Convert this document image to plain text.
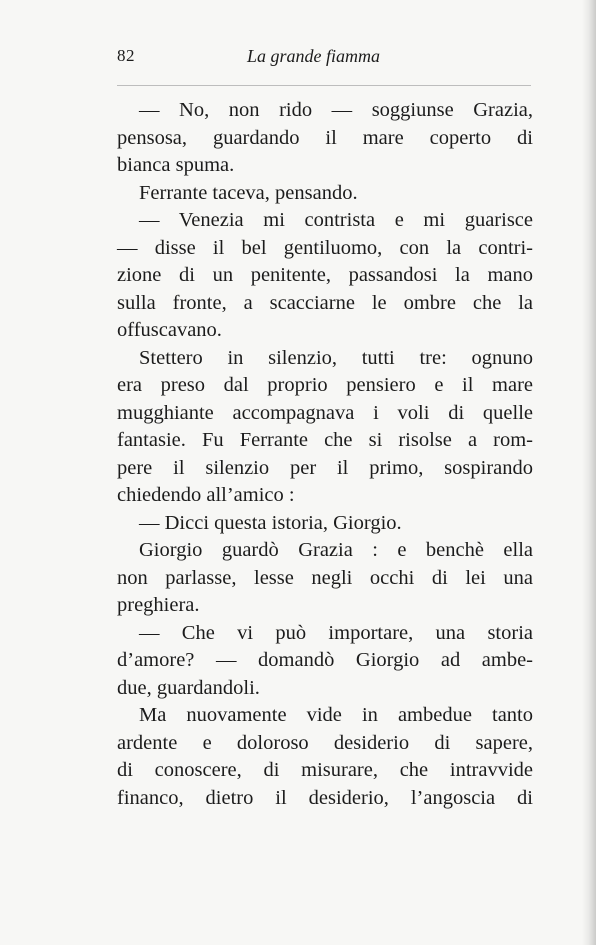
82	La grande fiamma
— No, non rido — soggiunse Grazia,
pensosa, guardando il mare coperto di
bianca spuma.
Ferrante taceva, pensando.
— Venezia mi contrista e mi guarisce
— disse il bel gentiluomo, con la contri-
zione di un penitente, passandosi la mano
sulla fronte, a scacciarne le ombre che la
offuscavano.
Stettero in silenzio, tutti tre: ognuno
era preso dal proprio pensiero e il mare
mugghiante accompagnava i voli di quelle
fantasie. Fu Ferrante che si risolse a rom-
pere il silenzio per il primo, sospirando
chiedendo all’amico :
— Dicci questa istoria, Giorgio.
Giorgio guardò Grazia : e benchè ella
non parlasse, lesse negli occhi di lei una
preghiera.
— Che vi può importare, una storia
d’amore? — domandò Giorgio ad ambe-
due, guardandoli.
Ma nuovamente vide in ambedue tanto
ardente e doloroso desiderio di sapere,
di conoscere, di misurare, che intravvide
financo, dietro il desiderio, l’angoscia di
